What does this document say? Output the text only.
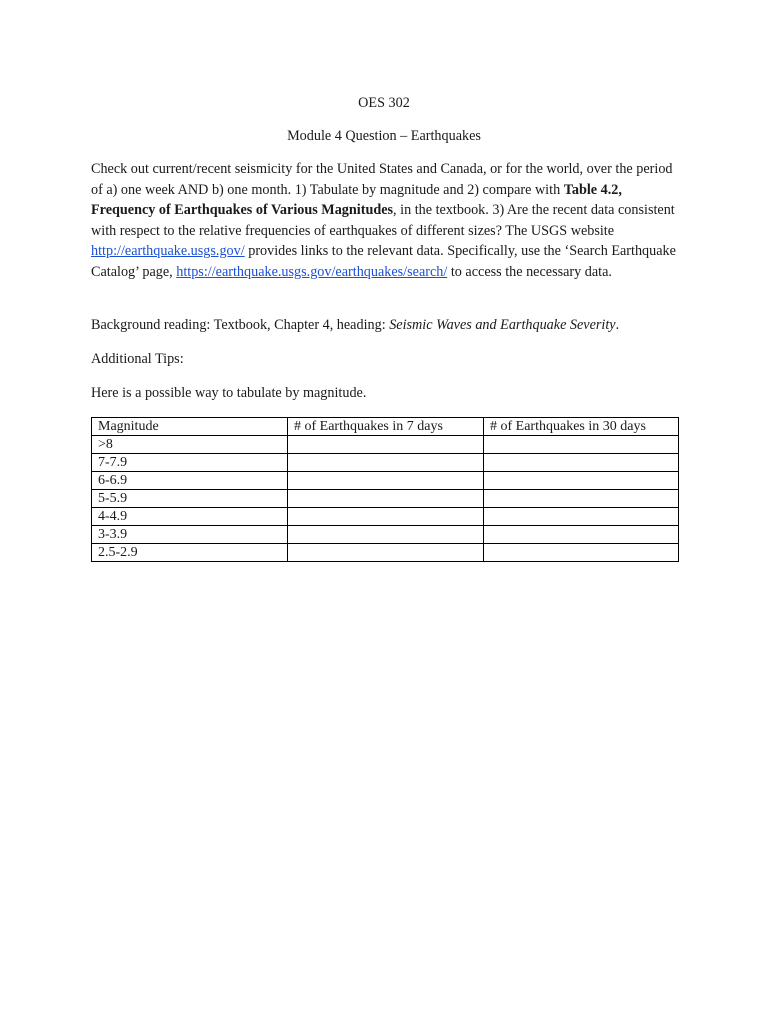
OES 302
Module 4 Question – Earthquakes
Check out current/recent seismicity for the United States and Canada, or for the world, over the period of a) one week AND b) one month. 1) Tabulate by magnitude and 2) compare with Table 4.2, Frequency of Earthquakes of Various Magnitudes, in the textbook. 3) Are the recent data consistent with respect to the relative frequencies of earthquakes of different sizes? The USGS website http://earthquake.usgs.gov/ provides links to the relevant data. Specifically, use the ‘Search Earthquake Catalog’ page, https://earthquake.usgs.gov/earthquakes/search/ to access the necessary data.
Background reading: Textbook, Chapter 4, heading: Seismic Waves and Earthquake Severity.
Additional Tips:
Here is a possible way to tabulate by magnitude.
Magnitude	# of Earthquakes in 7 days	# of Earthquakes in 30 days
>8		
7-7.9		
6-6.9		
5-5.9		
4-4.9		
3-3.9		
2.5-2.9		
